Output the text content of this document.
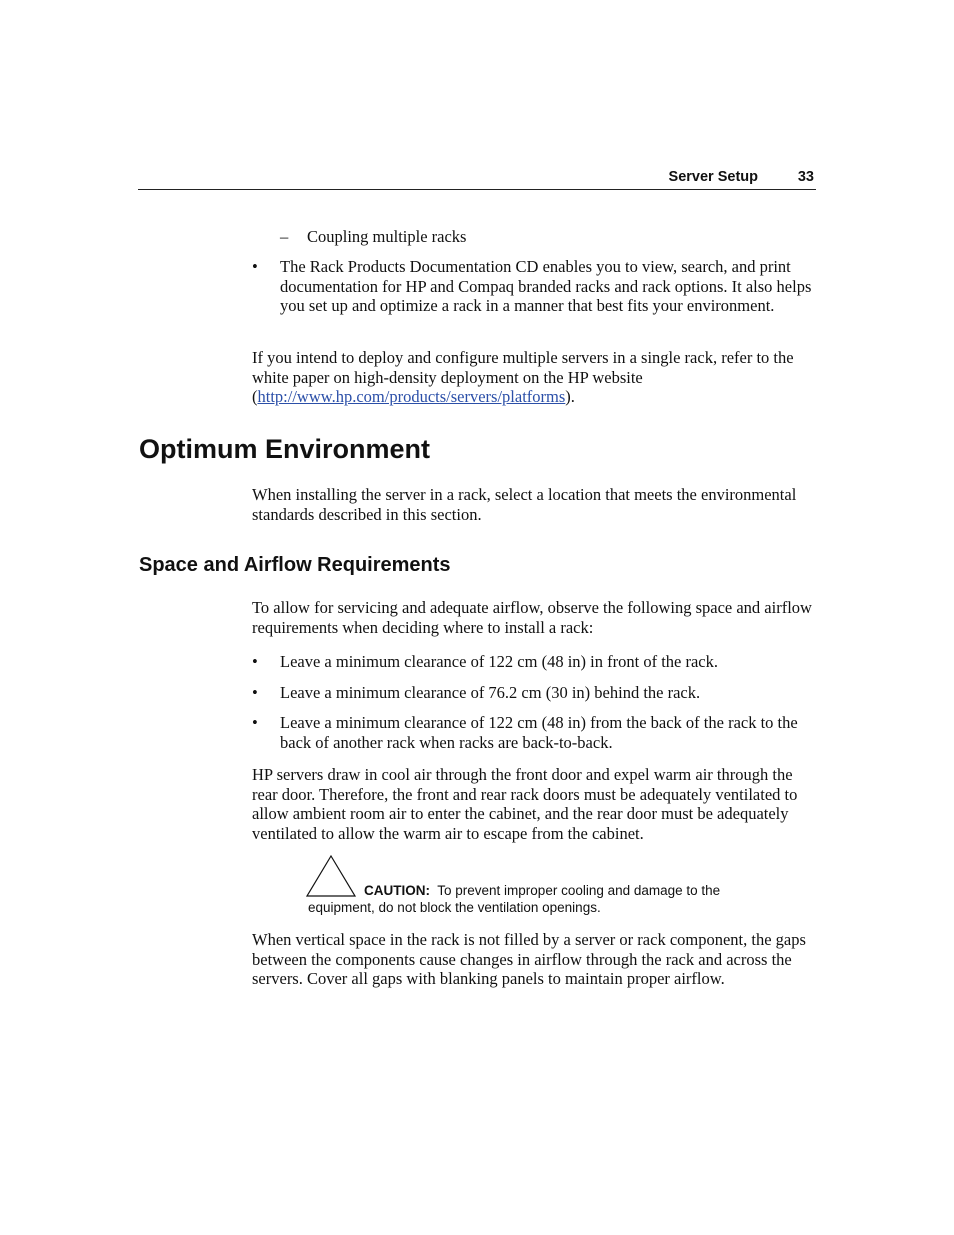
Server Setup	33
– Coupling multiple racks
• The Rack Products Documentation CD enables you to view, search, and print documentation for HP and Compaq branded racks and rack options. It also helps you set up and optimize a rack in a manner that best fits your environment.

If you intend to deploy and configure multiple servers in a single rack, refer to the white paper on high-density deployment on the HP website (http://www.hp.com/products/servers/platforms).

Optimum Environment

When installing the server in a rack, select a location that meets the environmental standards described in this section.

Space and Airflow Requirements

To allow for servicing and adequate airflow, observe the following space and airflow requirements when deciding where to install a rack:

• Leave a minimum clearance of 122 cm (48 in) in front of the rack.
• Leave a minimum clearance of 76.2 cm (30 in) behind the rack.
• Leave a minimum clearance of 122 cm (48 in) from the back of the rack to the back of another rack when racks are back-to-back.

HP servers draw in cool air through the front door and expel warm air through the rear door. Therefore, the front and rear rack doors must be adequately ventilated to allow ambient room air to enter the cabinet, and the rear door must be adequately ventilated to allow the warm air to escape from the cabinet.

CAUTION: To prevent improper cooling and damage to the
equipment, do not block the ventilation openings.

When vertical space in the rack is not filled by a server or rack component, the gaps between the components cause changes in airflow through the rack and across the servers. Cover all gaps with blanking panels to maintain proper airflow.
